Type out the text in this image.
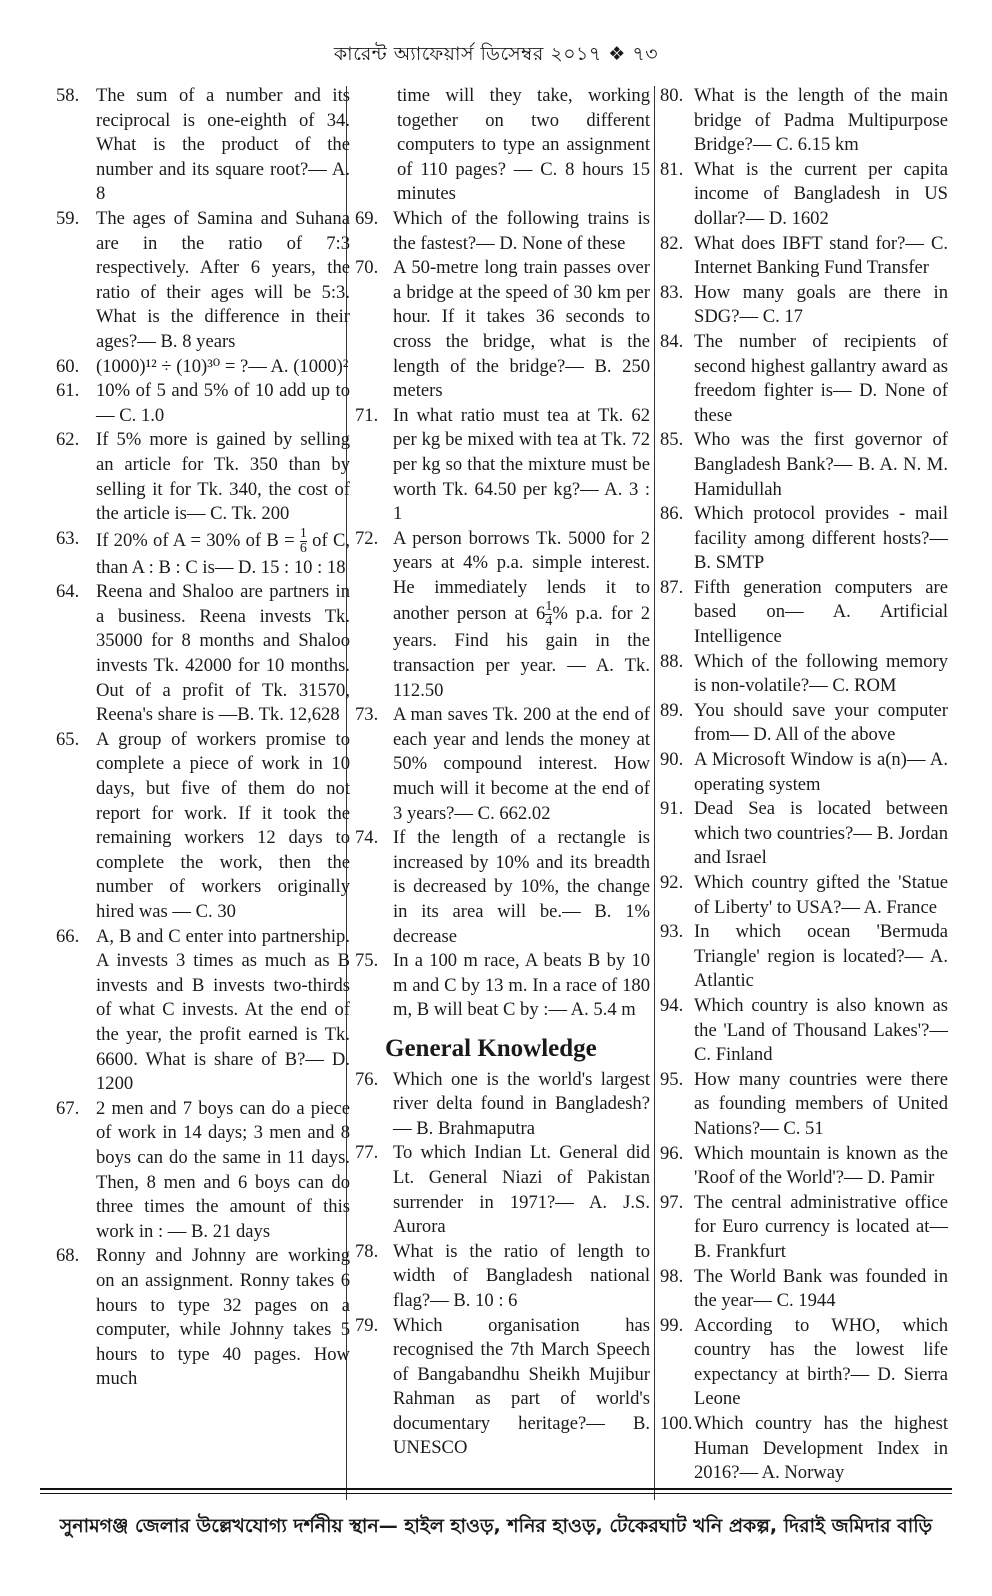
কারেন্ট অ্যাফেয়ার্স ডিসেম্বর ২০১৭ ❖ ৭৩
58. The sum of a number and its reciprocal is one-eighth of 34. What is the product of the number and its square root?— A. 8
59. The ages of Samina and Suhana are in the ratio of 7:3 respectively. After 6 years, the ratio of their ages will be 5:3. What is the difference in their ages?— B. 8 years
60. (1000)¹² ÷ (10)³⁰ = ?— A. (1000)²
61. 10% of 5 and 5% of 10 add up to— C. 1.0
62. If 5% more is gained by selling an article for Tk. 350 than by selling it for Tk. 340, the cost of the article is— C. Tk. 200
63. If 20% of A = 30% of $B = \frac{1}{6}$ of C, than A : B : C is— D. 15 : 10 : 18
64. Reena and Shaloo are partners in a business. Reena invests Tk. 35000 for 8 months and Shaloo invests Tk. 42000 for 10 months. Out of a profit of Tk. 31570, Reena's share is —B. Tk. 12,628
65. A group of workers promise to complete a piece of work in 10 days, but five of them do not report for work. If it took the remaining workers 12 days to complete the work, then the number of workers originally hired was — C. 30
66. A, B and C enter into partnership. A invests 3 times as much as B invests and B invests two-thirds of what C invests. At the end of the year, the profit earned is Tk. 6600. What is share of B?— D. 1200
67. 2 men and 7 boys can do a piece of work in 14 days; 3 men and 8 boys can do the same in 11 days. Then, 8 men and 6 boys can do three times the amount of this work in : — B. 21 days
68. Ronny and Johnny are working on an assignment. Ronny takes 6 hours to type 32 pages on a computer, while Johnny takes 5 hours to type 40 pages. How much
time will they take, working together on two different computers to type an assignment of 110 pages? — C. 8 hours 15 minutes
69. Which of the following trains is the fastest?— D. None of these
70. A 50-metre long train passes over a bridge at the speed of 30 km per hour. If it takes 36 seconds to cross the bridge, what is the length of the bridge?— B. 250 meters
71. In what ratio must tea at Tk. 62 per kg be mixed with tea at Tk. 72 per kg so that the mixture must be worth Tk. 64.50 per kg?— A. 3 : 1
72. A person borrows Tk. 5000 for 2 years at 4% p.a. simple interest. He immediately lends it to another person at $6 \frac{1}{4}$ % p.a. for 2 years. Find his gain in the transaction per year. — A. Tk. 112.50
73. A man saves Tk. 200 at the end of each year and lends the money at 50% compound interest. How much will it become at the end of 3 years?— C. 662.02
74. If the length of a rectangle is increased by 10% and its breadth is decreased by 10%, the change in its area will be.— B. 1% decrease
75. In a 100 m race, A beats B by 10 m and C by 13 m. In a race of 180 m, B will beat C by :— A. 5.4 m
General Knowledge
76. Which one is the world's largest river delta found in Bangladesh?— B. Brahmaputra
77. To which Indian Lt. General did Lt. General Niazi of Pakistan surrender in 1971?— A. J.S. Aurora
78. What is the ratio of length to width of Bangladesh national flag?— B. 10 : 6
79. Which organisation has recognised the 7th March Speech of Bangabandhu Sheikh Mujibur Rahman as part of world's documentary heritage?— B. UNESCO
80. What is the length of the main bridge of Padma Multipurpose Bridge?— C. 6.15 km
81. What is the current per capita income of Bangladesh in US dollar?— D. 1602
82. What does IBFT stand for?— C. Internet Banking Fund Transfer
83. How many goals are there in SDG?— C. 17
84. The number of recipients of second highest gallantry award as freedom fighter is— D. None of these
85. Who was the first governor of Bangladesh Bank?— B. A. N. M. Hamidullah
86. Which protocol provides - mail facility among different hosts?— B. SMTP
87. Fifth generation computers are based on— A. Artificial Intelligence
88. Which of the following memory is non-volatile?— C. ROM
89. You should save your computer from— D. All of the above
90. A Microsoft Window is a(n)— A. operating system
91. Dead Sea is located between which two countries?— B. Jordan and Israel
92. Which country gifted the 'Statue of Liberty' to USA?— A. France
93. In which ocean 'Bermuda Triangle' region is located?— A. Atlantic
94. Which country is also known as the 'Land of Thousand Lakes'?—C. Finland
95. How many countries were there as founding members of United Nations?— C. 51
96. Which mountain is known as the 'Roof of the World'?— D. Pamir
97. The central administrative office for Euro currency is located at—B. Frankfurt
98. The World Bank was founded in the year— C. 1944
99. According to WHO, which country has the lowest life expectancy at birth?— D. Sierra Leone
100. Which country has the highest Human Development Index in 2016?— A. Norway
সুনামগঞ্জ জেলার উল্লেখযোগ্য দর্শনীয় স্থান— হাইল হাওড়, শনির হাওড়, টেকেরঘাট খনি প্রকল্প, দিরাই জমিদার বাড়ি
